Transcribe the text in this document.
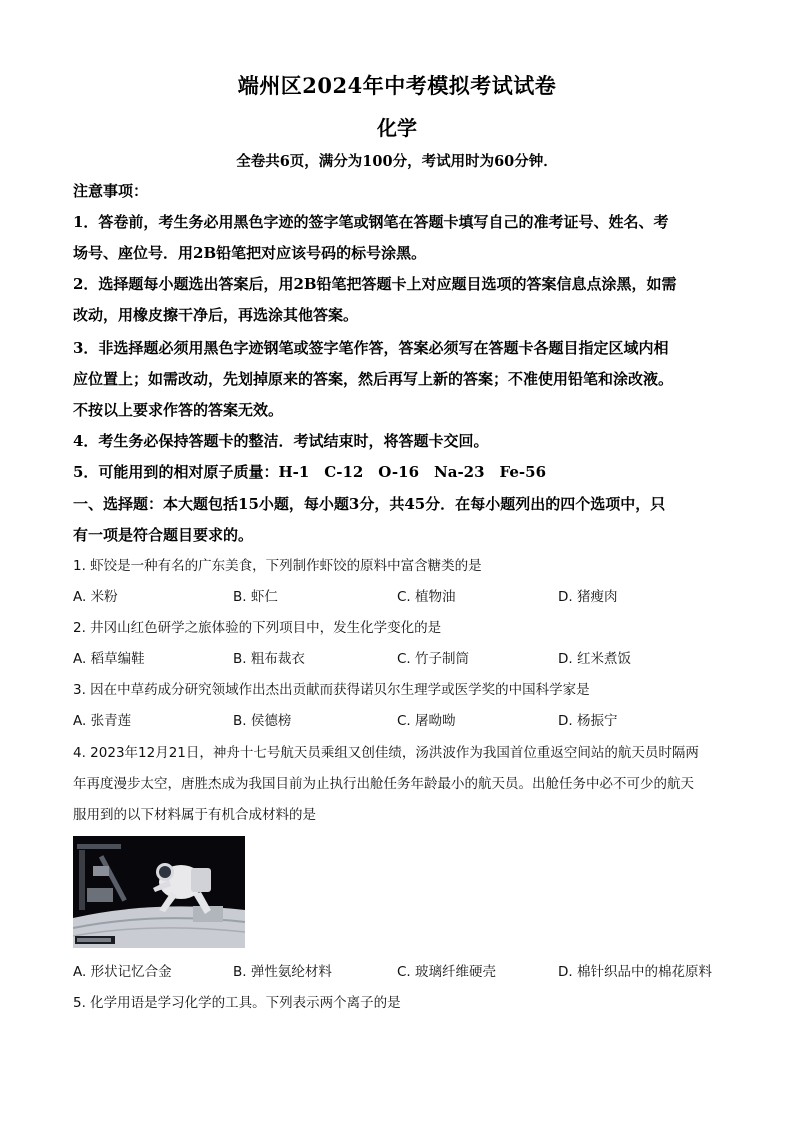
端州区2024年中考模拟考试试卷
化学
全卷共6页，满分为100分，考试用时为60分钟．
注意事项：
1．答卷前，考生务必用黑色字迹的签字笔或钢笔在答题卡填写自己的准考证号、姓名、考
场号、座位号．用2B铅笔把对应该号码的标号涂黑。
2．选择题每小题选出答案后，用2B铅笔把答题卡上对应题目选项的答案信息点涂黑，如需
改动，用橡皮擦干净后，再选涂其他答案。
3．非选择题必须用黑色字迹钢笔或签字笔作答，答案必须写在答题卡各题目指定区域内相
应位置上；如需改动，先划掉原来的答案，然后再写上新的答案；不准使用铅笔和涂改液。
不按以上要求作答的答案无效。
4．考生务必保持答题卡的整洁．考试结束时，将答题卡交回。
5．可能用到的相对原子质量：H-1　C-12　O-16　Na-23　Fe-56
一、选择题：本大题包括15小题，每小题3分，共45分．在每小题列出的四个选项中，只
有一项是符合题目要求的。
1. 虾饺是一种有名的广东美食，下列制作虾饺的原料中富含糖类的是
A. 米粉	B. 虾仁	C. 植物油	D. 猪瘦肉
2. 井冈山红色研学之旅体验的下列项目中，发生化学变化的是
A. 稻草编鞋	B. 粗布裁衣	C. 竹子制筒	D. 红米煮饭
3. 因在中草药成分研究领域作出杰出贡献而获得诺贝尔生理学或医学奖的中国科学家是
A. 张青莲	B. 侯德榜	C. 屠呦呦	D. 杨振宁
4. 2023年12月21日，神舟十七号航天员乘组又创佳绩，汤洪波作为我国首位重返空间站的航天员时隔两
年再度漫步太空，唐胜杰成为我国目前为止执行出舱任务年龄最小的航天员。出舱任务中必不可少的航天
服用到的以下材料属于有机合成材料的是
A. 形状记忆合金	B. 弹性氨纶材料	C. 玻璃纤维硬壳	D. 棉针织品中的棉花原料
5. 化学用语是学习化学的工具。下列表示两个离子的是
